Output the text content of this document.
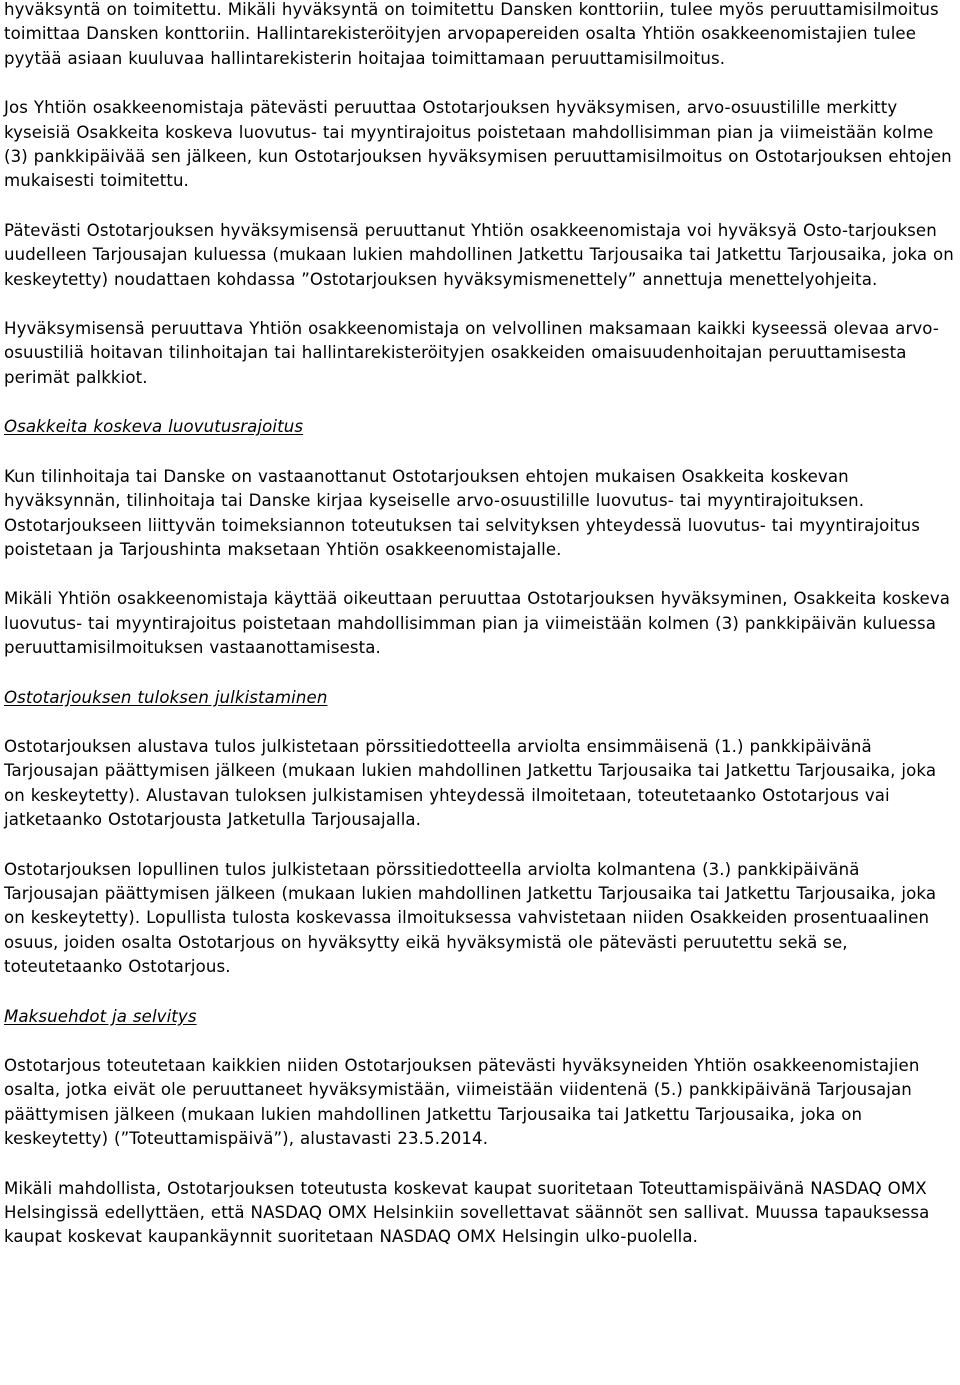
hyväksyntä on toimitettu. Mikäli hyväksyntä on toimitettu Dansken konttoriin, tulee myös peruuttamisilmoitus toimittaa Dansken konttoriin. Hallintarekisteröityjen arvopapereiden osalta Yhtiön osakkeenomistajien tulee pyytää asiaan kuuluvaa hallintarekisterin hoitajaa toimittamaan peruuttamisilmoitus.

Jos Yhtiön osakkeenomistaja pätevästi peruuttaa Ostotarjouksen hyväksymisen, arvo-osuustilille merkitty kyseisiä Osakkeita koskeva luovutus- tai myyntirajoitus poistetaan mahdollisimman pian ja viimeistään kolme (3) pankkipäivää sen jälkeen, kun Ostotarjouksen hyväksymisen peruuttamisilmoitus on Ostotarjouksen ehtojen mukaisesti toimitettu.

Pätevästi Ostotarjouksen hyväksymisensä peruuttanut Yhtiön osakkeenomistaja voi hyväksyä Osto-tarjouksen uudelleen Tarjousajan kuluessa (mukaan lukien mahdollinen Jatkettu Tarjousaika tai Jatkettu Tarjousaika, joka on keskeytetty) noudattaen kohdassa ”Ostotarjouksen hyväksymismenettely” annettuja menettelyohjeita.

Hyväksymisensä peruuttava Yhtiön osakkeenomistaja on velvollinen maksamaan kaikki kyseessä olevaa arvo-osuustiliä hoitavan tilinhoitajan tai hallintarekisteröityjen osakkeiden omaisuudenhoitajan peruuttamisesta perimät palkkiot.

Osakkeita koskeva luovutusrajoitus

Kun tilinhoitaja tai Danske on vastaanottanut Ostotarjouksen ehtojen mukaisen Osakkeita koskevan hyväksynnän, tilinhoitaja tai Danske kirjaa kyseiselle arvo-osuustilille luovutus- tai myyntirajoituksen. Ostotarjoukseen liittyvän toimeksiannon toteutuksen tai selvityksen yhteydessä luovutus- tai myyntirajoitus poistetaan ja Tarjoushinta maksetaan Yhtiön osakkeenomistajalle.

Mikäli Yhtiön osakkeenomistaja käyttää oikeuttaan peruuttaa Ostotarjouksen hyväksyminen, Osakkeita koskeva luovutus- tai myyntirajoitus poistetaan mahdollisimman pian ja viimeistään kolmen (3) pankkipäivän kuluessa peruuttamisilmoituksen vastaanottamisesta.

Ostotarjouksen tuloksen julkistaminen

Ostotarjouksen alustava tulos julkistetaan pörssitiedotteella arviolta ensimmäisenä (1.) pankkipäivänä Tarjousajan päättymisen jälkeen (mukaan lukien mahdollinen Jatkettu Tarjousaika tai Jatkettu Tarjousaika, joka on keskeytetty). Alustavan tuloksen julkistamisen yhteydessä ilmoitetaan, toteutetaanko Ostotarjous vai jatketaanko Ostotarjousta Jatketulla Tarjousajalla.

Ostotarjouksen lopullinen tulos julkistetaan pörssitiedotteella arviolta kolmantena (3.) pankkipäivänä Tarjousajan päättymisen jälkeen (mukaan lukien mahdollinen Jatkettu Tarjousaika tai Jatkettu Tarjousaika, joka on keskeytetty). Lopullista tulosta koskevassa ilmoituksessa vahvistetaan niiden Osakkeiden prosentuaalinen osuus, joiden osalta Ostotarjous on hyväksytty eikä hyväksymistä ole pätevästi peruutettu sekä se, toteutetaanko Ostotarjous.

Maksuehdot ja selvitys

Ostotarjous toteutetaan kaikkien niiden Ostotarjouksen pätevästi hyväksyneiden Yhtiön osakkeenomistajien osalta, jotka eivät ole peruuttaneet hyväksymistään, viimeistään viidentenä (5.) pankkipäivänä Tarjousajan päättymisen jälkeen (mukaan lukien mahdollinen Jatkettu Tarjousaika tai Jatkettu Tarjousaika, joka on keskeytetty) (”Toteuttamispäivä”), alustavasti 23.5.2014.

Mikäli mahdollista, Ostotarjouksen toteutusta koskevat kaupat suoritetaan Toteuttamispäivänä NASDAQ OMX Helsingissä edellyttäen, että NASDAQ OMX Helsinkiin sovellettavat säännöt sen sallivat. Muussa tapauksessa kaupat koskevat kaupankäynnit suoritetaan NASDAQ OMX Helsingin ulko-puolella.
